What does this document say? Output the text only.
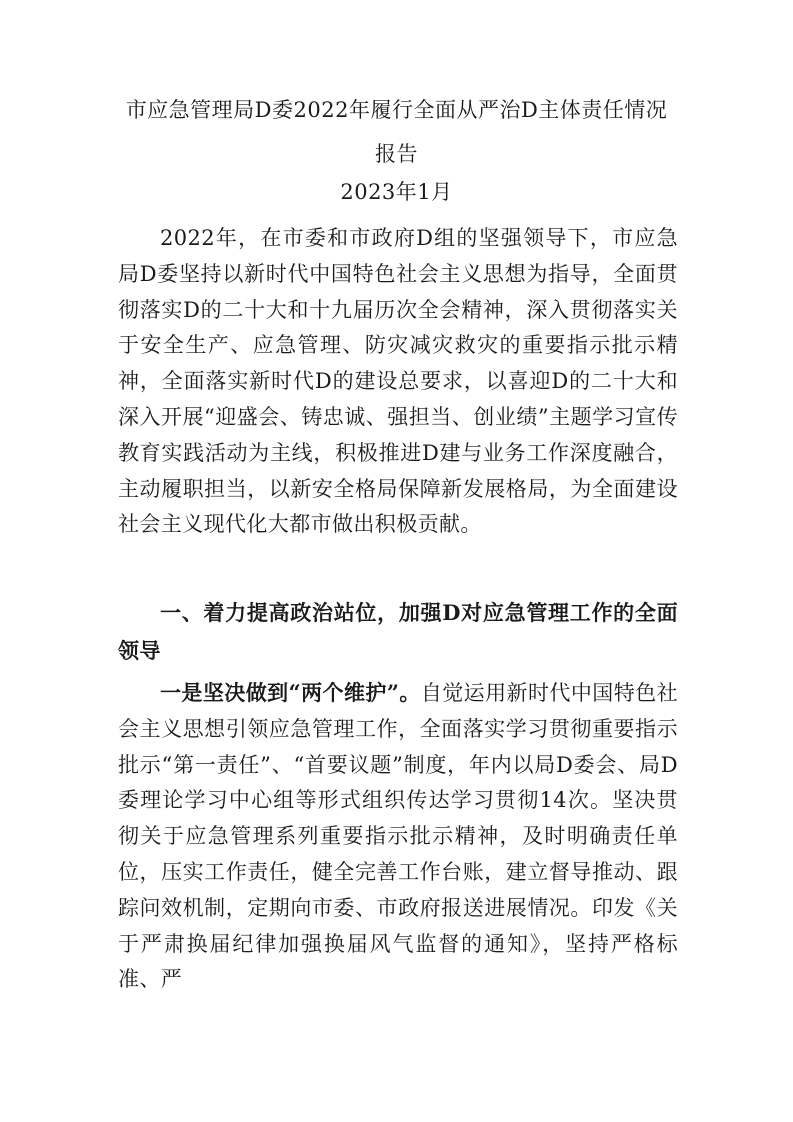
市应急管理局D委2022年履行全面从严治D主体责任情况
报告
2023年1月
2022年，在市委和市政府D组的坚强领导下，市应急局D委坚持以新时代中国特色社会主义思想为指导，全面贯彻落实D的二十大和十九届历次全会精神，深入贯彻落实关于安全生产、应急管理、防灾减灾救灾的重要指示批示精神，全面落实新时代D的建设总要求，以喜迎D的二十大和深入开展“迎盛会、铸忠诚、强担当、创业绩”主题学习宣传教育实践活动为主线，积极推进D建与业务工作深度融合，主动履职担当，以新安全格局保障新发展格局，为全面建设社会主义现代化大都市做出积极贡献。
一、着力提高政治站位，加强D对应急管理工作的全面领导
一是坚决做到“两个维护”。自觉运用新时代中国特色社会主义思想引领应急管理工作，全面落实学习贯彻重要指示批示“第一责任”、“首要议题”制度，年内以局D委会、局D委理论学习中心组等形式组织传达学习贯彻14次。坚决贯彻关于应急管理系列重要指示批示精神，及时明确责任单位，压实工作责任，健全完善工作台账，建立督导推动、跟踪问效机制，定期向市委、市政府报送进展情况。印发《关于严肃换届纪律加强换届风气监督的通知》，坚持严格标准、严
